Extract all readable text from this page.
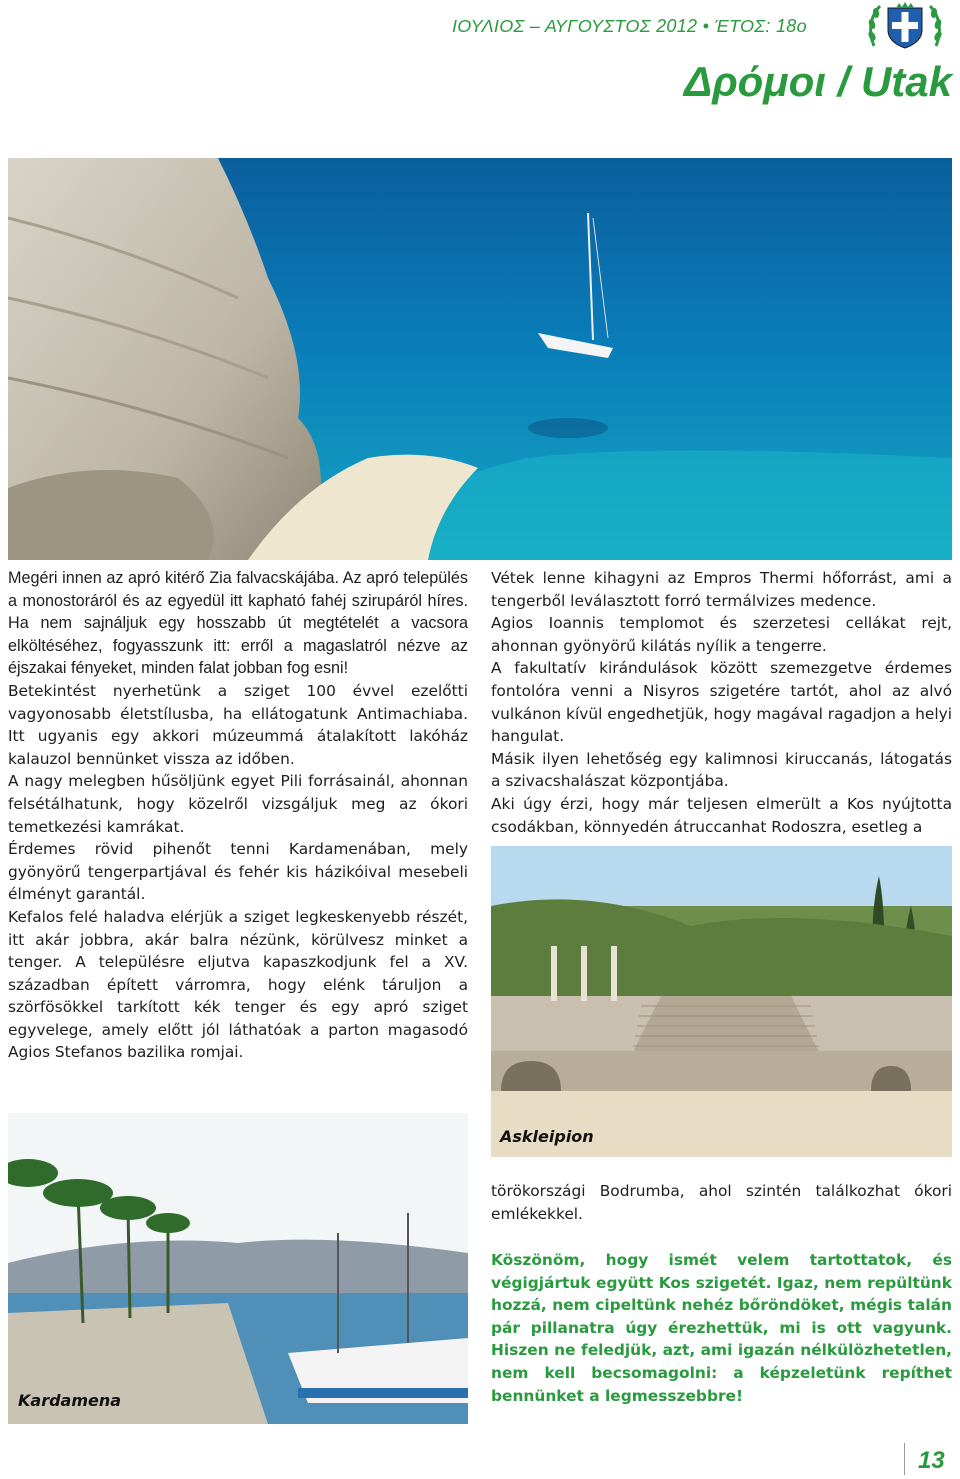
ΙΟΥΛΙΟΣ – ΑΥΓΟΥΣΤΟΣ 2012 • ΈΤΟΣ: 18ο
Δρόμοι / Utak

Megéri innen az apró kitérő Zia falvacskájába. Az apró település a monostoráról és az egyedül itt kapható fahéj szirupáról híres. Ha nem sajnáljuk egy hosszabb út megtételét a vacsora elköltéséhez, fogyasszunk itt: erről a magaslatról nézve az éjszakai fényeket, minden falat jobban fog esni!

Betekintést nyerhetünk a sziget 100 évvel ezelőtti vagyonosabb életstílusba, ha ellátogatunk Antimachiaba. Itt ugyanis egy akkori múzeummá átalakított lakóház kalauzol bennünket vissza az időben.

A nagy melegben hűsöljünk egyet Pili forrásainál, ahonnan felsétálhatunk, hogy közelről vizsgáljuk meg az ókori temetkezési kamrákat.

Érdemes rövid pihenőt tenni Kardamenában, mely gyönyörű tengerpartjával és fehér kis házikóival mesebeli élményt garantál.

Kefalos felé haladva elérjük a sziget legkeskenyebb részét, itt akár jobbra, akár balra nézünk, körülvesz minket a tenger. A településre eljutva kapaszkodjunk fel a XV. században épített várromra, hogy elénk táruljon a szörfösökkel tarkított kék tenger és egy apró sziget egyvelege, amely előtt jól láthatóak a parton magasodó Agios Stefanos bazilika romjai.

Vétek lenne kihagyni az Empros Thermi hőforrást, ami a tengerből leválasztott forró termálvizes medence.

Agios Ioannis templomot és szerzetesi cellákat rejt, ahonnan gyönyörű kilátás nyílik a tengerre.

A fakultatív kirándulások között szemezgetve érdemes fontolóra venni a Nisyros szigetére tartót, ahol az alvó vulkánon kívül engedhetjük, hogy magával ragadjon a helyi hangulat.

Másik ilyen lehetőség egy kalimnosi kiruccanás, látogatás a szivacshalászat központjába.

Aki úgy érzi, hogy már teljesen elmerült a Kos nyújtotta csodákban, könnyedén átruccanhat Rodoszra, esetleg a

Askleipion

törökországi Bodrumba, ahol szintén találkozhat ókori emlékekkel.

Köszönöm, hogy ismét velem tartottatok, és végigjártuk együtt Kos szigetét. Igaz, nem repültünk hozzá, nem cipeltünk nehéz bőröndöket, mégis talán pár pillanatra úgy érezhettük, mi is ott vagyunk. Hiszen ne feledjük, azt, ami igazán nélkülözhetetlen, nem kell becsomagolni: a képzeletünk repíthet bennünket a legmesszebbre!
Kardamena
13
